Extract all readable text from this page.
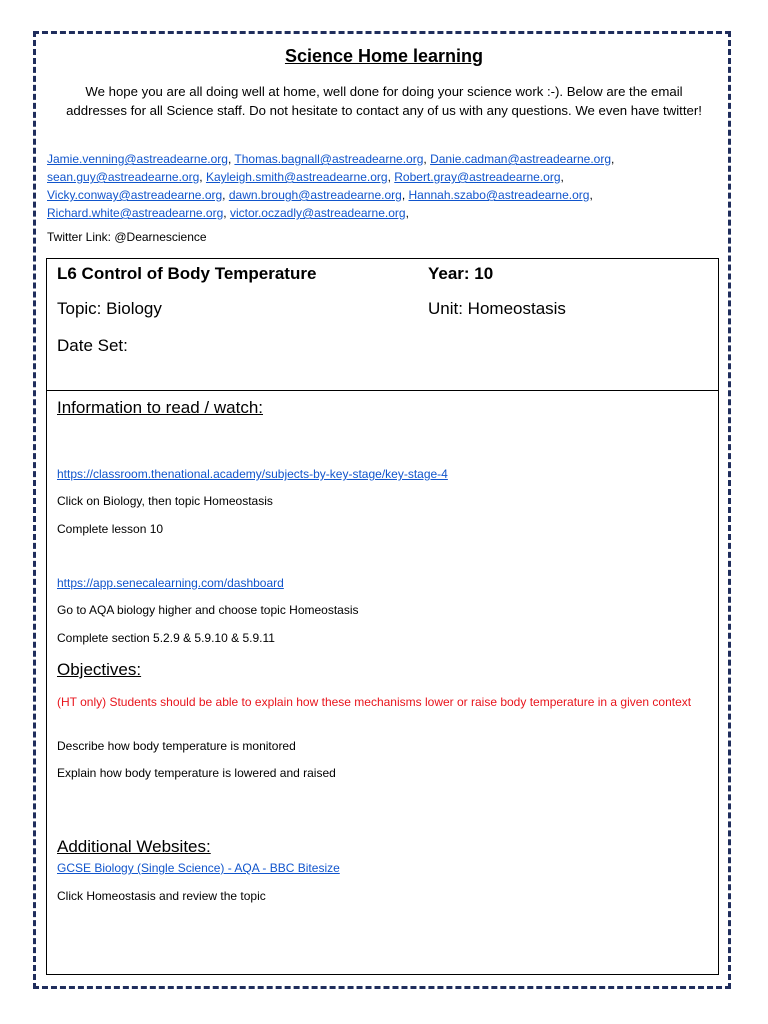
Science Home learning
We hope you are all doing well at home, well done for doing your science work :-). Below are the email addresses for all Science staff. Do not hesitate to contact any of us with any questions. We even have twitter!
Jamie.venning@astreadearne.org, Thomas.bagnall@astreadearne.org, Danie.cadman@astreadearne.org,
sean.guy@astreadearne.org, Kayleigh.smith@astreadearne.org, Robert.gray@astreadearne.org,
Vicky.conway@astreadearne.org, dawn.brough@astreadearne.org, Hannah.szabo@astreadearne.org,
Richard.white@astreadearne.org, victor.oczadly@astreadearne.org,
Twitter Link: @Dearnescience
L6 Control of Body Temperature	Year: 10
Topic: Biology	Unit: Homeostasis
Date Set:
Information to read / watch:
https://classroom.thenational.academy/subjects-by-key-stage/key-stage-4
Click on Biology, then topic Homeostasis
Complete lesson 10
https://app.senecalearning.com/dashboard
Go to AQA biology higher and choose topic Homeostasis
Complete section 5.2.9 & 5.9.10 & 5.9.11
Objectives:
(HT only) Students should be able to explain how these mechanisms lower or raise body temperature in a given context
Describe how body temperature is monitored
Explain how body temperature is lowered and raised
Additional Websites:
GCSE Biology (Single Science) - AQA - BBC Bitesize
Click Homeostasis and review the topic
